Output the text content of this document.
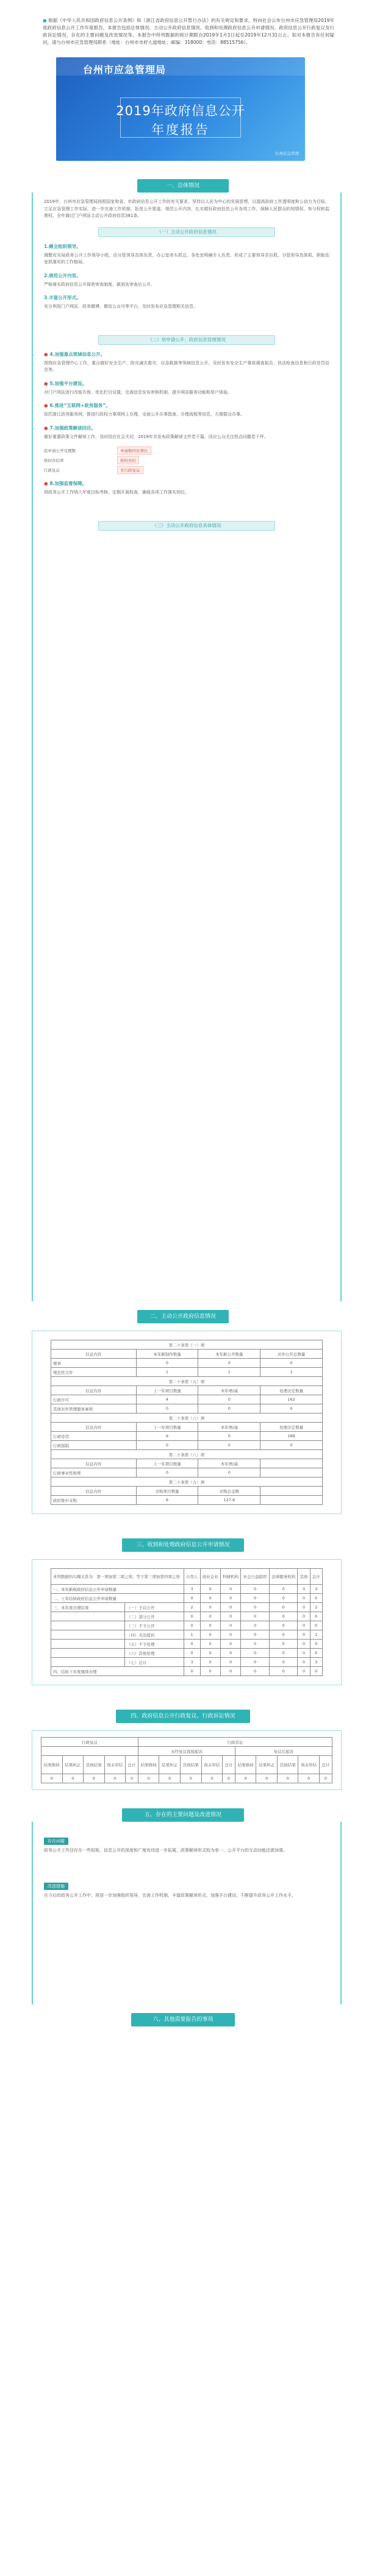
● 根据《中华人民共和国政府信息公开条例》和《浙江省政府信息公开暂行办法》的有关规定和要求，特向社会公布台州市应急管理局2019年度政府信息公开工作年度报告。本报告包括总体情况、主动公开政府信息情况、收到和处理政府信息公开申请情况、政府信息公开行政复议及行政诉讼情况、存在的主要问题及改进情况等，本报告中所列数据的统计期限自2019年1月1日起至2019年12月31日止。如对本报告有任何疑问，请与台州市应急管理局联系（地址：台州市市府大道地址；邮编：318000；电话：88515756）。

台州市应急管理局
2019年政府信息公开
年度报告
台州应急管理
一、总体情况

2019年，台州市应急管理局按照国家和省、市政府信息公开工作的有关要求，坚持以人民为中心的发展思想，以提高政府工作透明度和公信力为目标，立足应急管理工作实际，进一步完善工作机制，拓宽公开渠道，规范公开内容，扎实做好政府信息公开各项工作，保障人民群众的知情权、参与权和监督权，全年通过门户网站主动公开政府信息381条。

（一）主动公开政府信息情况
1.健全组织领导。

调整充实局政务公开工作领导小组，由分管领导具体负责，办公室牵头抓总，各处室明确专人负责，形成了主要领导亲自抓、分管领导具体抓、职能处室抓落实的工作格局。

2.规范公开内容。

严格落实政府信息公开保密审查制度，做到先审查后公开。

3.丰富公开形式。

充分利用门户网站、政务微博、微信公众号等平台，及时发布应急管理相关信息。

（二）依申请公开、政府信息管理情况
● 4.加强重点领域信息公开。

围绕应急管理中心工作，重点做好安全生产、防灾减灾救灾、应急救援等领域信息公开，及时发布安全生产事故调查报告、执法检查信息和行政处罚信息等。

● 5.加强平台建设。

对门户网站进行改版升级，优化栏目设置，完善信息发布审核机制，提升网站服务功能和用户体验。

● 6.推进“互联网+政务服务”。

依托浙江政务服务网，推进行政权力事项网上办理，全面公开办事指南、办理流程等信息，方便群众办事。

● 7.加强政策解读回应。

做好重要政策文件解读工作，及时回应社会关切，2019年共发布政策解读文件若干篇，回应公众关注热点问题若干件。

依申请公开受理数	申请数同比增长
按时办结率	按时办结
行政复议	无行政复议
● 8.加强监督保障。

将政务公开工作纳入年度目标考核，定期开展检查，确保各项工作落实到位。

（三）主动公开政府信息具体情况
二、主动公开政府信息情况
第二十条第（一）项			
信息内容	本年新制作数量	本年新公开数量	对外公开总数量
规章	0	0	0
规范性文件	1	1	1
第二十条第（五）项			
信息内容	上一年项目数量	本年增/减	处理决定数量
行政许可	4	0	162
其他对外管理服务事项	0	0	0
第二十条第（六）项			
信息内容	上一年项目数量	本年增/减	处理决定数量
行政处罚	9	0	188
行政强制	0	0	0
第二十条第（八）项			
信息内容	上一年项目数量	本年增/减	
行政事业性收费	0	0	
第二十条第（九）项			
信息内容	采购项目数量	采购总金额	
政府集中采购	6	127.8	
三、收到和处理政府信息公开申请情况
本列数据的勾稽关系为：第一项加第二项之和，等于第三项加第四项之和		自然人	商业企业	科研机构	社会公益组织	法律服务机构	其他	总计
一、本年新收政府信息公开申请数量		3	0	0	0	0	0	3
二、上年结转政府信息公开申请数量		0	0	0	0	0	0	0
三、本年度办理结果	（一）予以公开	2	0	0	0	0	0	2
	（二）部分公开	0	0	0	0	0	0	0
	（三）不予公开	0	0	0	0	0	0	0
	（四）无法提供	1	0	0	0	0	0	1
	（五）不予处理	0	0	0	0	0	0	0
	（六）其他处理	0	0	0	0	0	0	0
	（七）总计	3	0	0	0	0	0	3
四、结转下年度继续办理		0	0	0	0	0	0	0
四、政府信息公开行政复议、行政诉讼情况
行政复议					行政诉讼									
					未经复议直接起诉					复议后起诉				
结果维持	结果纠正	其他结果	尚未审结	总计	结果维持	结果纠正	其他结果	尚未审结	总计	结果维持	结果纠正	其他结果	尚未审结	总计
0	0	0	0	0	0	0	0	0	0	0	0	0	0	0
五、存在的主要问题及改进情况
存在问题

政务公开工作还存在一些短板，信息公开的深度和广度有待进一步拓展，政策解读形式较为单一，公开平台的互动功能还需加强。

改进措施

在今后的政务公开工作中，将进一步加强组织领导，完善工作机制，丰富政策解读形式，加强平台建设，不断提升政务公开工作水平。

六、其他需要报告的事项
